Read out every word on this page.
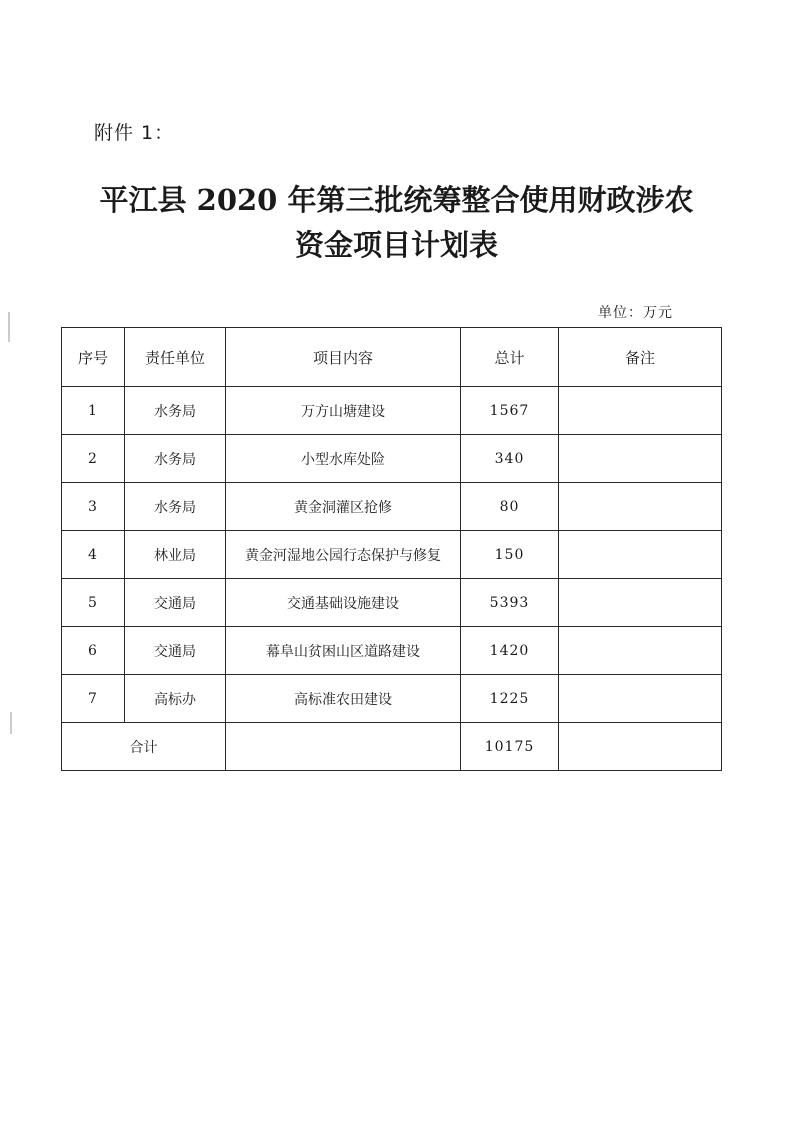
附件 1：
平江县 2020 年第三批统筹整合使用财政涉农
资金项目计划表
单位：万元
序号	责任单位	项目内容	总计	备注
1	水务局	万方山塘建设	1567	
2	水务局	小型水库处险	340	
3	水务局	黄金洞灌区抢修	80	
4	林业局	黄金河湿地公园行态保护与修复	150	
5	交通局	交通基础设施建设	5393	
6	交通局	幕阜山贫困山区道路建设	1420	
7	高标办	高标准农田建设	1225	
合计			10175	
